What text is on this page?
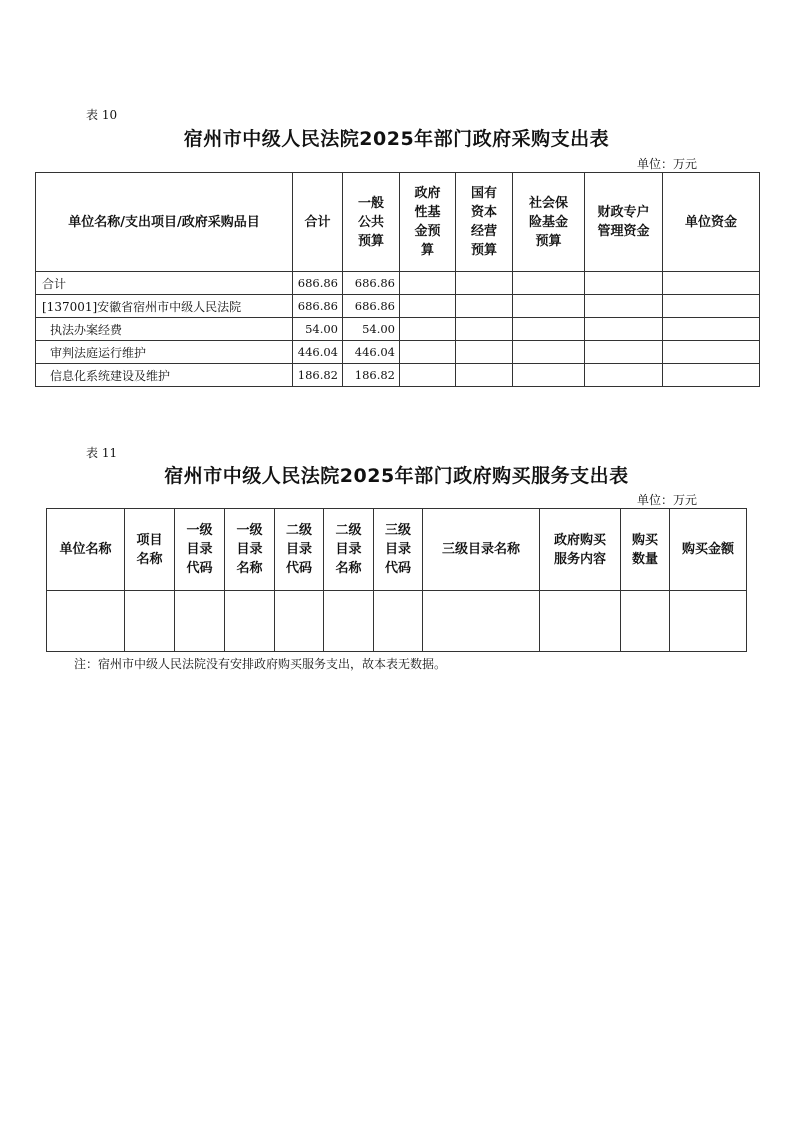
表 10
宿州市中级人民法院2025年部门政府采购支出表
单位：万元
单位名称/支出项目/政府采购品目	合计	一般
公共
预算	政府
性基
金预
算	国有
资本
经营
预算	社会保
险基金
预算	财政专户
管理资金	单位资金

合计	686.86	686.86					
[137001]安徽省宿州市中级人民法院	686.86	686.86					
执法办案经费	54.00	54.00					
审判法庭运行维护	446.04	446.04					
信息化系统建设及维护	186.82	186.82					
表 11
宿州市中级人民法院2025年部门政府购买服务支出表
单位：万元
单位名称	项目
名称	一级
目录
代码	一级
目录
名称	二级
目录
代码	二级
目录
名称	三级
目录
代码	三级目录名称	政府购买
服务内容	购买
数量	购买金额

注：宿州市中级人民法院没有安排政府购买服务支出，故本表无数据。
